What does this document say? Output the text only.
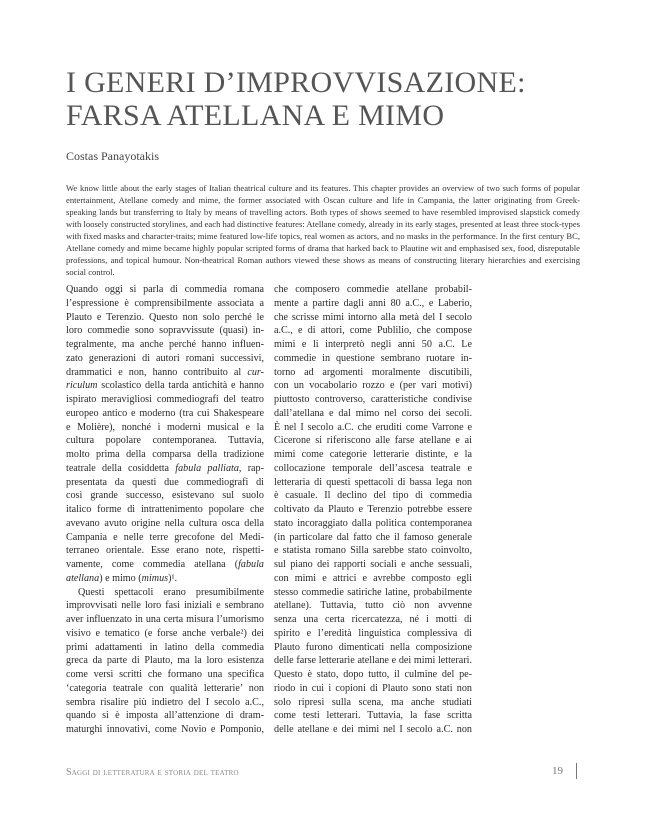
I GENERI D’IMPROVVISAZIONE:
FARSA ATELLANA E MIMO

Costas Panayotakis

We know little about the early stages of Italian theatrical culture and its features. This chapter provides an overview of two such forms of popular entertainment, Atellane comedy and mime, the former associated with Oscan culture and life in Campania, the latter originating from Greek-speaking lands but transferring to Italy by means of travelling actors. Both types of shows seemed to have resembled improvised slapstick comedy with loosely constructed storylines, and each had distinctive features: Atellane comedy, already in its early stages, presented at least three stock-types with fixed masks and character-traits; mime featured low-life topics, real women as actors, and no masks in the performance. In the first century BC, Atellane comedy and mime became highly popular scripted forms of drama that harked back to Plautine wit and emphasised sex, food, disreputable professions, and topical humour. Non-theatrical Roman authors viewed these shows as means of constructing literary hierarchies and exercising social control.

Quando oggi si parla di commedia romana
l’espressione è comprensibilmente associata a
Plauto e Terenzio. Questo non solo perché le
loro commedie sono sopravvissute (quasi) in-
tegralmente, ma anche perché hanno influen-
zato generazioni di autori romani successivi,
drammatici e non, hanno contribuito al cur-
riculum scolastico della tarda antichità e hanno
ispirato meravigliosi commediografi del teatro
europeo antico e moderno (tra cui Shakespeare
e Molière), nonché i moderni musical e la
cultura popolare contemporanea. Tuttavia,
molto prima della comparsa della tradizione
teatrale della cosiddetta fabula palliata, rap-
presentata da questi due commediografi di
così grande successo, esistevano sul suolo
italico forme di intrattenimento popolare che
avevano avuto origine nella cultura osca della
Campania e nelle terre grecofone del Medi-
terraneo orientale. Esse erano note, rispetti-
vamente, come commedia atellana (fabula
atellana) e mimo (mimus)¹.
Questi spettacoli erano presumibilmente
improvvisati nelle loro fasi iniziali e sembrano
aver influenzato in una certa misura l’umorismo
visivo e tematico (e forse anche verbale²) dei
primi adattamenti in latino della commedia
greca da parte di Plauto, ma la loro esistenza
come versi scritti che formano una specifica
‘categoria teatrale con qualità letterarie’ non
sembra risalire più indietro del I secolo a.C.,
quando si è imposta all’attenzione di dram-
maturghi innovativi, come Novio e Pomponio,
che composero commedie atellane probabil-
mente a partire dagli anni 80 a.C., e Laberio,
che scrisse mimi intorno alla metà del I secolo
a.C., e di attori, come Publilio, che compose
mimi e li interpretò negli anni 50 a.C. Le
commedie in questione sembrano ruotare in-
torno ad argomenti moralmente discutibili,
con un vocabolario rozzo e (per vari motivi)
piuttosto controverso, caratteristiche condivise
dall’atellana e dal mimo nel corso dei secoli.
È nel I secolo a.C. che eruditi come Varrone e
Cicerone si riferiscono alle farse atellane e ai
mimi come categorie letterarie distinte, e la
collocazione temporale dell’ascesa teatrale e
letteraria di questi spettacoli di bassa lega non
è casuale. Il declino del tipo di commedia
coltivato da Plauto e Terenzio potrebbe essere
stato incoraggiato dalla politica contemporanea
(in particolare dal fatto che il famoso generale
e statista romano Silla sarebbe stato coinvolto,
sul piano dei rapporti sociali e anche sessuali,
con mimi e attrici e avrebbe composto egli
stesso commedie satiriche latine, probabilmente
atellane). Tuttavia, tutto ciò non avvenne
senza una certa ricercatezza, né i motti di
spirito e l’eredità linguistica complessiva di
Plauto furono dimenticati nella composizione
delle farse letterarie atellane e dei mimi letterari.
Questo è stato, dopo tutto, il culmine del pe-
riodo in cui i copioni di Plauto sono stati non
solo ripresi sulla scena, ma anche studiati
come testi letterari. Tuttavia, la fase scritta
delle atellane e dei mimi nel I secolo a.C. non
Saggi di letteratura e storia del teatro	19
